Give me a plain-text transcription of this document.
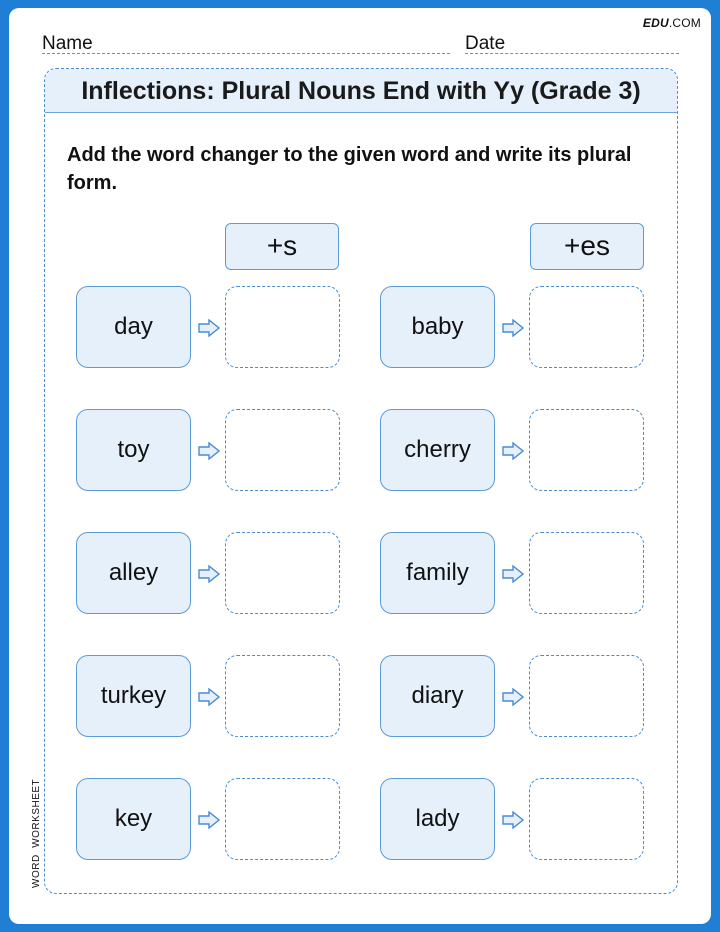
EDU.COM
Name	Date
Inflections: Plural Nouns End with Yy (Grade 3)
Add the word changer to the given word and write its plural form.
+s	+es
day
toy
alley
turkey
key
baby
cherry
family
diary
lady
WORD  WORKSHEET
